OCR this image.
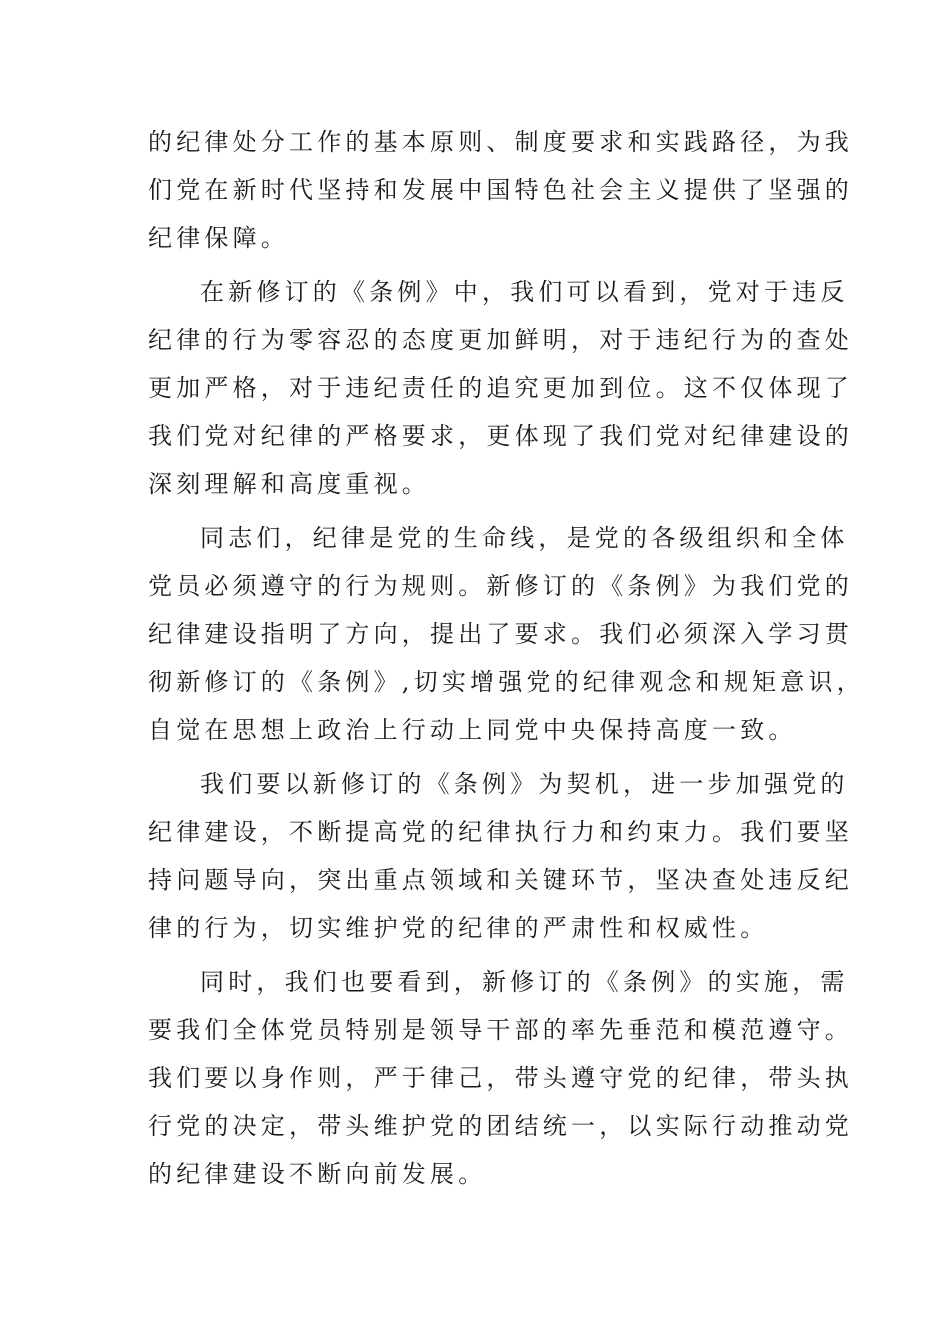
的纪律处分工作的基本原则、制度要求和实践路径，为我
们党在新时代坚持和发展中国特色社会主义提供了坚强的
纪律保障。
在新修订的《条例》中，我们可以看到，党对于违反
纪律的行为零容忍的态度更加鲜明，对于违纪行为的查处
更加严格，对于违纪责任的追究更加到位。这不仅体现了
我们党对纪律的严格要求，更体现了我们党对纪律建设的
深刻理解和高度重视。
同志们，纪律是党的生命线，是党的各级组织和全体
党员必须遵守的行为规则。新修订的《条例》为我们党的
纪律建设指明了方向，提出了要求。我们必须深入学习贯
彻新修订的《条例》,切实增强党的纪律观念和规矩意识，
自觉在思想上政治上行动上同党中央保持高度一致。
我们要以新修订的《条例》为契机，进一步加强党的
纪律建设，不断提高党的纪律执行力和约束力。我们要坚
持问题导向，突出重点领域和关键环节，坚决查处违反纪
律的行为，切实维护党的纪律的严肃性和权威性。
同时，我们也要看到，新修订的《条例》的实施，需
要我们全体党员特别是领导干部的率先垂范和模范遵守。
我们要以身作则，严于律己，带头遵守党的纪律，带头执
行党的决定，带头维护党的团结统一，以实际行动推动党
的纪律建设不断向前发展。
